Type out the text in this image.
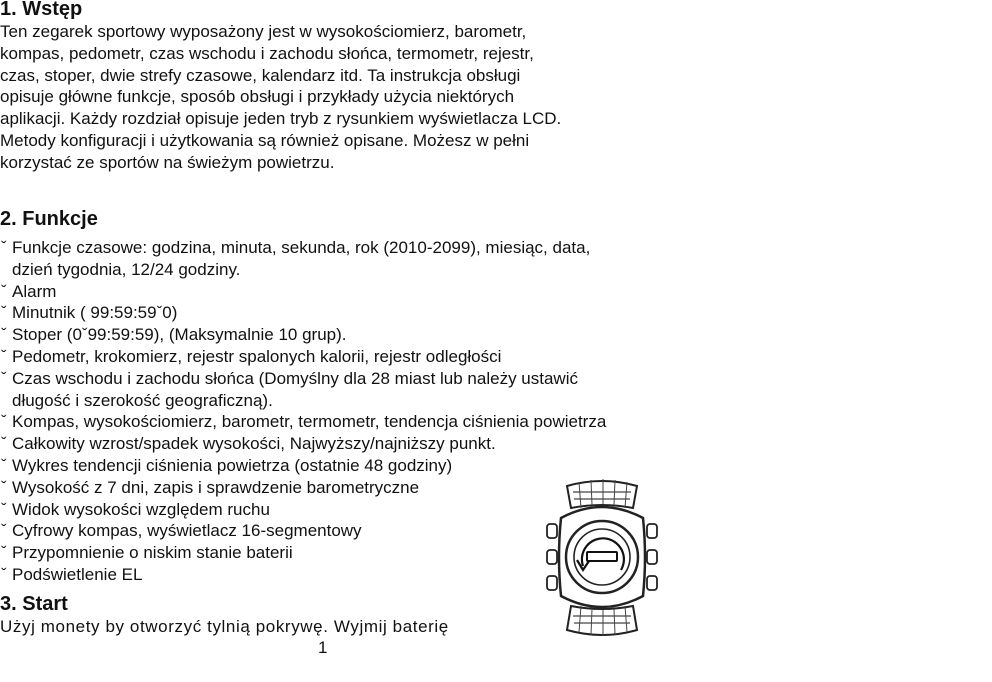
1. Wstęp

Ten zegarek sportowy wyposażony jest w wysokościomierz, barometr,
kompas, pedometr, czas wschodu i zachodu słońca, termometr, rejestr,
czas, stoper, dwie strefy czasowe, kalendarz itd. Ta instrukcja obsługi
opisuje główne funkcje, sposób obsługi i przykłady użycia niektórych
aplikacji. Każdy rozdział opisuje jeden tryb z rysunkiem wyświetlacza LCD.
Metody konfiguracji i użytkowania są również opisane. Możesz w pełni
korzystać ze sportów na świeżym powietrzu.

2. Funkcje
ˇ Funkcje czasowe: godzina, minuta, sekunda, rok (2010-2099), miesiąc, data,
dzień tygodnia, 12/24 godziny.
ˇ Alarm
ˇ Minutnik ( 99:59:59ˇ0)
ˇ Stoper (0ˇ99:59:59), (Maksymalnie 10 grup).
ˇ Pedometr, krokomierz, rejestr spalonych kalorii, rejestr odległości
ˇ Czas wschodu i zachodu słońca (Domyślny dla 28 miast lub należy ustawić
długość i szerokość geograficzną).
ˇ Kompas, wysokościomierz, barometr, termometr, tendencja ciśnienia powietrza
ˇ Całkowity wzrost/spadek wysokości, Najwyższy/najniższy punkt.
ˇ Wykres tendencji ciśnienia powietrza (ostatnie 48 godziny)
ˇ Wysokość z 7 dni, zapis i sprawdzenie barometryczne
ˇ Widok wysokości względem ruchu
ˇ Cyfrowy kompas, wyświetlacz 16-segmentowy
ˇ Przypomnienie o niskim stanie baterii
ˇ Podświetlenie EL
3. Start
Użyj monety by otworzyć tylnią pokrywę. Wyjmij baterię
1
